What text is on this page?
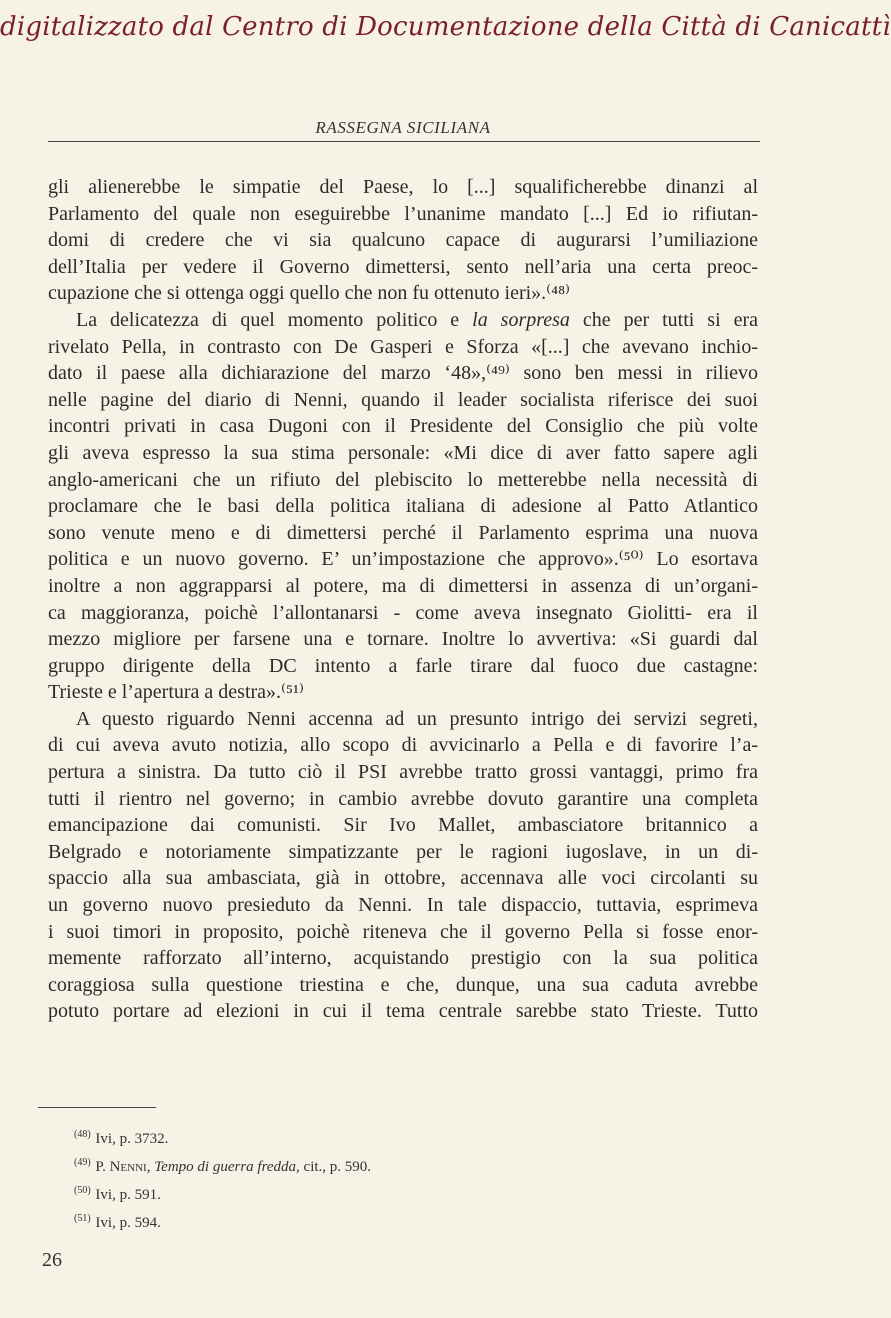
digitalizzato dal Centro di Documentazione della Città di Canicattì
RASSEGNA SICILIANA
gli alienerebbe le simpatie del Paese, lo [...] squalificherebbe dinanzi al
Parlamento del quale non eseguirebbe l’unanime mandato [...] Ed io rifiutan-
domi di credere che vi sia qualcuno capace di augurarsi l’umiliazione
dell’Italia per vedere il Governo dimettersi, sento nell’aria una certa preoc-
cupazione che si ottenga oggi quello che non fu ottenuto ieri».⁽⁴⁸⁾
La delicatezza di quel momento politico e la sorpresa che per tutti si era
rivelato Pella, in contrasto con De Gasperi e Sforza «[...] che avevano inchio-
dato il paese alla dichiarazione del marzo ‘48»,⁽⁴⁹⁾ sono ben messi in rilievo
nelle pagine del diario di Nenni, quando il leader socialista riferisce dei suoi
incontri privati in casa Dugoni con il Presidente del Consiglio che più volte
gli aveva espresso la sua stima personale: «Mi dice di aver fatto sapere agli
anglo-americani che un rifiuto del plebiscito lo metterebbe nella necessità di
proclamare che le basi della politica italiana di adesione al Patto Atlantico
sono venute meno e di dimettersi perché il Parlamento esprima una nuova
politica e un nuovo governo. E’ un’impostazione che approvo».⁽⁵⁰⁾ Lo esortava
inoltre a non aggrapparsi al potere, ma di dimettersi in assenza di un’organi-
ca maggioranza, poichè l’allontanarsi - come aveva insegnato Giolitti- era il
mezzo migliore per farsene una e tornare. Inoltre lo avvertiva: «Si guardi dal
gruppo dirigente della DC intento a farle tirare dal fuoco due castagne:
Trieste e l’apertura a destra».⁽⁵¹⁾
A questo riguardo Nenni accenna ad un presunto intrigo dei servizi segreti,
di cui aveva avuto notizia, allo scopo di avvicinarlo a Pella e di favorire l’a-
pertura a sinistra. Da tutto ciò il PSI avrebbe tratto grossi vantaggi, primo fra
tutti il rientro nel governo; in cambio avrebbe dovuto garantire una completa
emancipazione dai comunisti. Sir Ivo Mallet, ambasciatore britannico a
Belgrado e notoriamente simpatizzante per le ragioni iugoslave, in un di-
spaccio alla sua ambasciata, già in ottobre, accennava alle voci circolanti su
un governo nuovo presieduto da Nenni. In tale dispaccio, tuttavia, esprimeva
i suoi timori in proposito, poichè riteneva che il governo Pella si fosse enor-
memente rafforzato all’interno, acquistando prestigio con la sua politica
coraggiosa sulla questione triestina e che, dunque, una sua caduta avrebbe
potuto portare ad elezioni in cui il tema centrale sarebbe stato Trieste. Tutto
$^{(48)}$ Ivi, p. 3732.
$^{(49)}$ P. Nenni, Tempo di guerra fredda, cit., p. 590.
$^{(50)}$ Ivi, p. 591.
$^{(51)}$ Ivi, p. 594.
26
